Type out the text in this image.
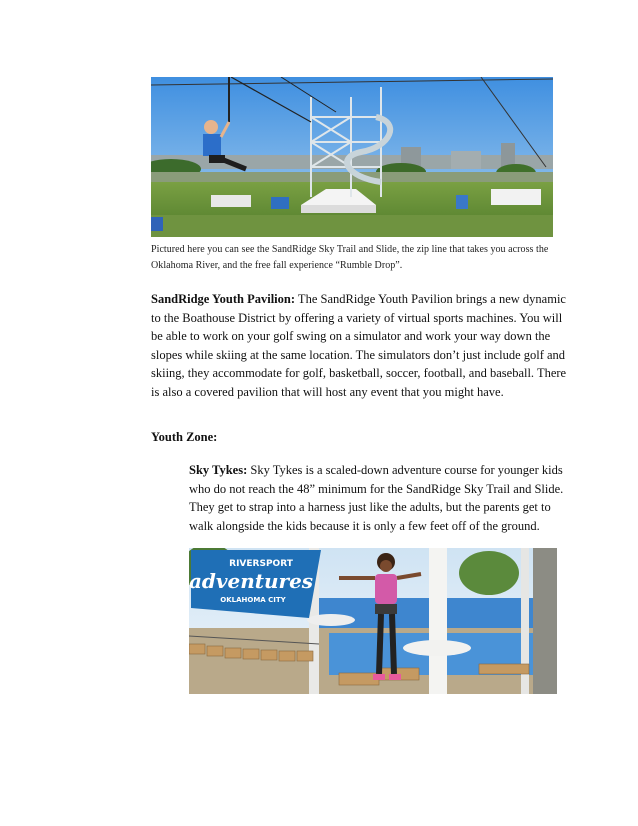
Pictured here you can see the SandRidge Sky Trail and Slide, the zip line that takes you across the Oklahoma River, and the free fall experience “Rumble Drop”.

SandRidge Youth Pavilion: The SandRidge Youth Pavilion brings a new dynamic to the Boathouse District by offering a variety of virtual sports machines. You will be able to work on your golf swing on a simulator and work your way down the slopes while skiing at the same location. The simulators don’t just include golf and skiing, they accommodate for golf, basketball, soccer, football, and baseball. There is also a covered pavilion that will host any event that you might have.

Youth Zone:

Sky Tykes: Sky Tykes is a scaled-down adventure course for younger kids who do not reach the 48” minimum for the SandRidge Sky Trail and Slide. They get to strap into a harness just like the adults, but the parents get to walk alongside the kids because it is only a few feet off of the ground.

RIVERSPORT
adventures
OKLAHOMA CITY
